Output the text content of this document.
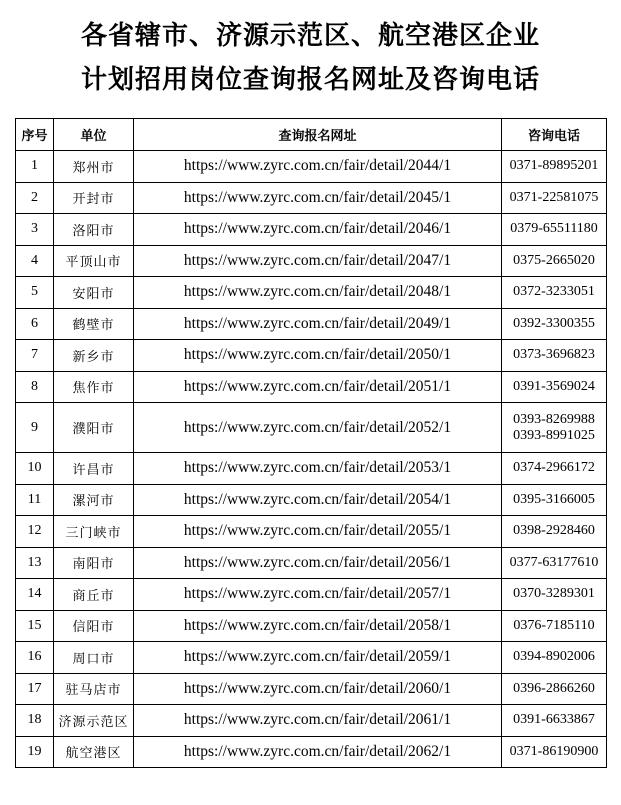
各省辖市、济源示范区、航空港区企业
计划招用岗位查询报名网址及咨询电话
序号	单位	查询报名网址	咨询电话
1	郑州市	https://www.zyrc.com.cn/fair/detail/2044/1	0371-89895201

2	开封市	https://www.zyrc.com.cn/fair/detail/2045/1	0371-22581075

3	洛阳市	https://www.zyrc.com.cn/fair/detail/2046/1	0379-65511180

4	平顶山市	https://www.zyrc.com.cn/fair/detail/2047/1	0375-2665020

5	安阳市	https://www.zyrc.com.cn/fair/detail/2048/1	0372-3233051

6	鹤壁市	https://www.zyrc.com.cn/fair/detail/2049/1	0392-3300355

7	新乡市	https://www.zyrc.com.cn/fair/detail/2050/1	0373-3696823

8	焦作市	https://www.zyrc.com.cn/fair/detail/2051/1	0391-3569024

9	濮阳市	https://www.zyrc.com.cn/fair/detail/2052/1	0393-8269988
0393-8991025

10	许昌市	https://www.zyrc.com.cn/fair/detail/2053/1	0374-2966172

11	漯河市	https://www.zyrc.com.cn/fair/detail/2054/1	0395-3166005

12	三门峡市	https://www.zyrc.com.cn/fair/detail/2055/1	0398-2928460

13	南阳市	https://www.zyrc.com.cn/fair/detail/2056/1	0377-63177610

14	商丘市	https://www.zyrc.com.cn/fair/detail/2057/1	0370-3289301

15	信阳市	https://www.zyrc.com.cn/fair/detail/2058/1	0376-7185110

16	周口市	https://www.zyrc.com.cn/fair/detail/2059/1	0394-8902006

17	驻马店市	https://www.zyrc.com.cn/fair/detail/2060/1	0396-2866260

18	济源示范区	https://www.zyrc.com.cn/fair/detail/2061/1	0391-6633867

19	航空港区	https://www.zyrc.com.cn/fair/detail/2062/1	0371-86190900
